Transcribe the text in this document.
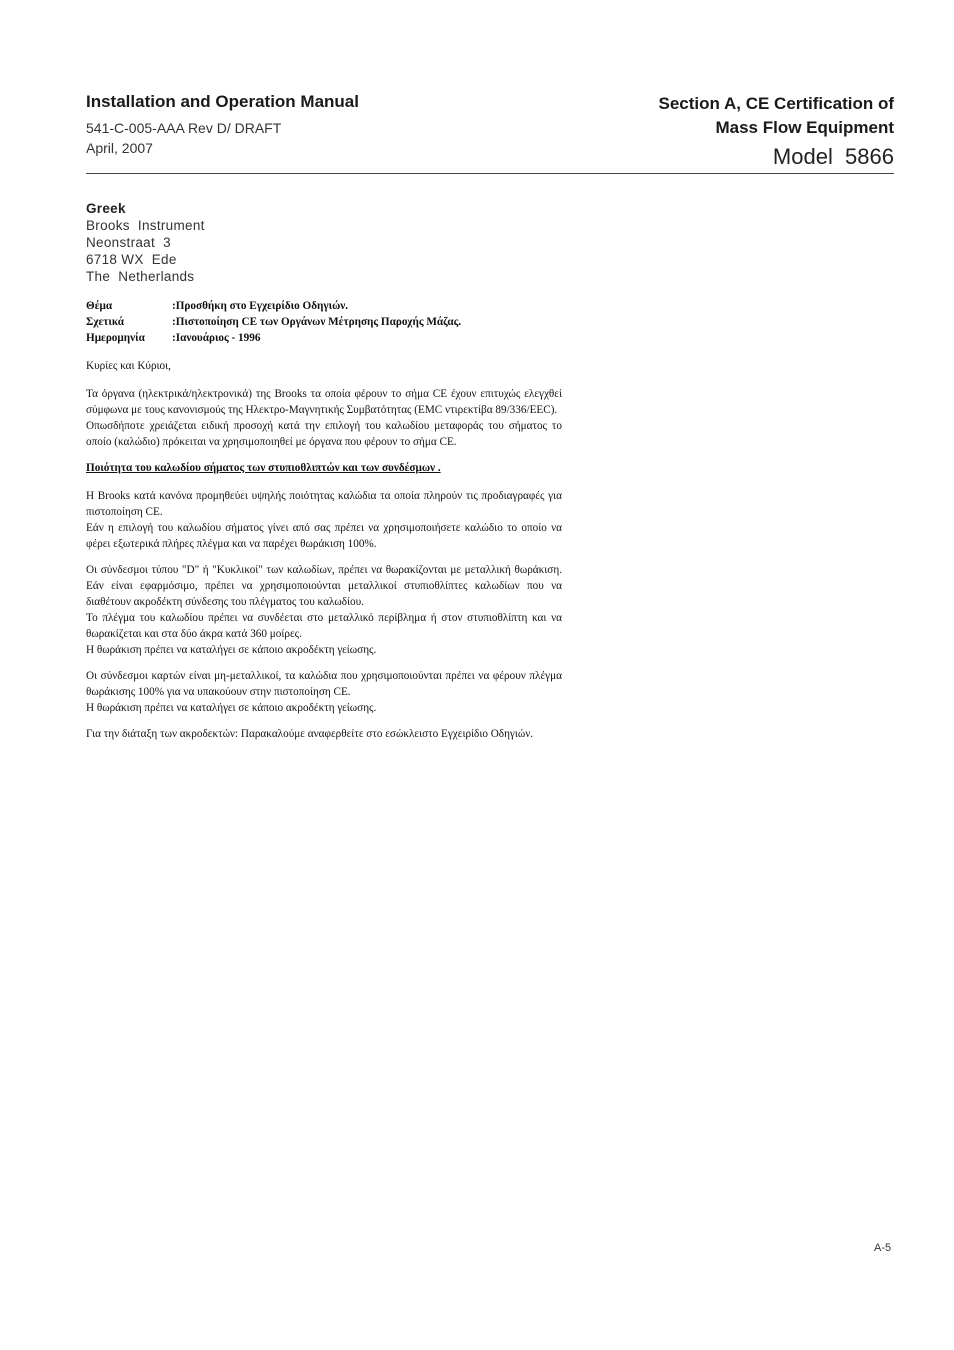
Installation and Operation Manual
541-C-005-AAA Rev D/ DRAFT
April, 2007
Section A, CE Certification of
Mass Flow Equipment
Model  5866
Greek
Brooks  Instrument
Neonstraat  3
6718 WX  Ede
The  Netherlands
Θέμα	:Προσθήκη στο Εγχειρίδιο Οδηγιών.
Σχετικά	:Πιστοποίηση CE των Οργάνων Μέτρησης Παροχής Μάζας.
Ημερομηνία	:Ιανουάριος - 1996

Κυρίες και Κύριοι,

Τα όργανα (ηλεκτρικά/ηλεκτρονικά) της Brooks τα οποία φέρουν το σήμα CE έχουν επιτυχώς ελεγχθεί σύμφωνα με τους κανονισμούς της Ηλεκτρο-Μαγνητικής Συμβατότητας (EMC ντιρεκτίβα 89/336/EEC).

Οπωσδήποτε χρειάζεται ειδική προσοχή κατά την επιλογή του καλωδίου μεταφοράς του σήματος το οποίο (καλώδιο) πρόκειται να χρησιμοποιηθεί με όργανα που φέρουν το σήμα CE.

Ποιότητα του καλωδίου σήματος των στυπιοθλιπτών και των συνδέσμων .

Η Brooks κατά κανόνα προμηθεύει υψηλής ποιότητας καλώδια τα οποία πληρούν τις προδιαγραφές για πιστοποίηση CE.

Εάν η επιλογή του καλωδίου σήματος γίνει από σας πρέπει να χρησιμοποιήσετε καλώδιο το οποίο να φέρει εξωτερικά πλήρες πλέγμα και να παρέχει θωράκιση 100%.

Οι σύνδεσμοι τύπου "D" ή "Κυκλικοί" των καλωδίων, πρέπει να θωρακίζονται με μεταλλική θωράκιση. Εάν είναι εφαρμόσιμο, πρέπει να χρησιμοποιούνται μεταλλικοί στυπιοθλίπτες καλωδίων που να διαθέτουν ακροδέκτη σύνδεσης του πλέγματος του καλωδίου.

Το πλέγμα του καλωδίου πρέπει να συνδέεται στο μεταλλικό περίβλημα ή στον στυπιοθλίπτη και να θωρακίζεται και στα δύο άκρα κατά 360 μοίρες.

Η θωράκιση πρέπει να καταλήγει σε κάποιο ακροδέκτη γείωσης.

Οι σύνδεσμοι καρτών είναι μη-μεταλλικοί, τα καλώδια που χρησιμοποιούνται πρέπει να φέρουν πλέγμα θωράκισης 100% για να υπακούουν στην πιστοποίηση CE.

Η θωράκιση πρέπει να καταλήγει σε κάποιο ακροδέκτη γείωσης.

Για την διάταξη των ακροδεκτών: Παρακαλούμε αναφερθείτε στο εσώκλειστο Εγχειρίδιο Οδηγιών.

A-5
